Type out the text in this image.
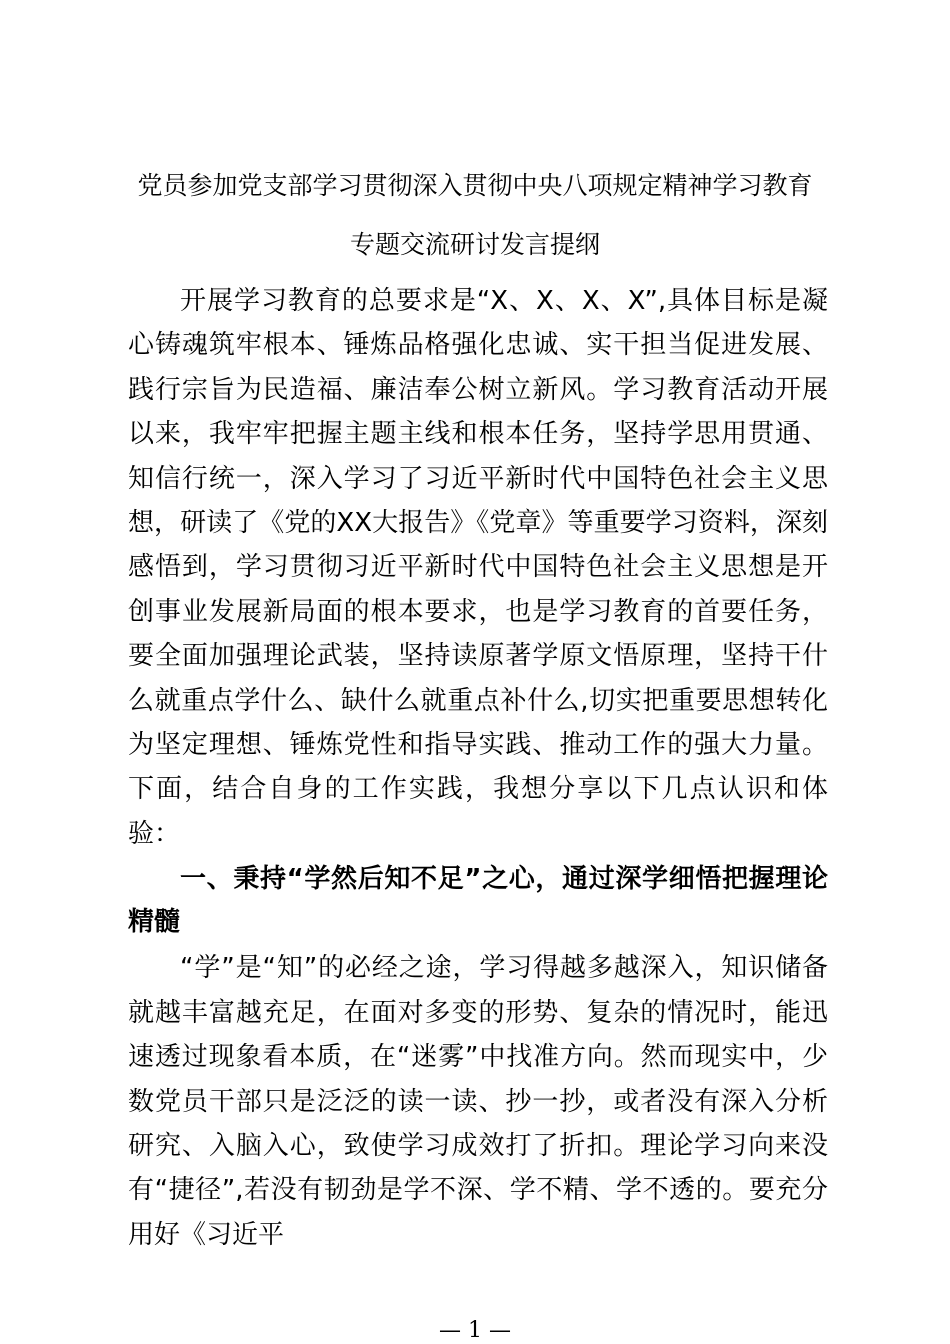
党员参加党支部学习贯彻深入贯彻中央八项规定精神学习教育
专题交流研讨发言提纲

开展学习教育的总要求是“X、X、X、X”,具体目标是凝心铸魂筑牢根本、锤炼品格强化忠诚、实干担当促进发展、践行宗旨为民造福、廉洁奉公树立新风。学习教育活动开展以来，我牢牢把握主题主线和根本任务，坚持学思用贯通、知信行统一，深入学习了习近平新时代中国特色社会主义思想，研读了《党的XX大报告》《党章》等重要学习资料，深刻感悟到，学习贯彻习近平新时代中国特色社会主义思想是开创事业发展新局面的根本要求，也是学习教育的首要任务，要全面加强理论武装，坚持读原著学原文悟原理，坚持干什么就重点学什么、缺什么就重点补什么,切实把重要思想转化为坚定理想、锤炼党性和指导实践、推动工作的强大力量。下面，结合自身的工作实践，我想分享以下几点认识和体验：

一、秉持“学然后知不足”之心，通过深学细悟把握理论精髓

“学”是“知”的必经之途，学习得越多越深入，知识储备就越丰富越充足，在面对多变的形势、复杂的情况时，能迅速透过现象看本质，在“迷雾”中找准方向。然而现实中，少数党员干部只是泛泛的读一读、抄一抄，或者没有深入分析研究、入脑入心，致使学习成效打了折扣。理论学习向来没有“捷径”,若没有韧劲是学不深、学不精、学不透的。要充分用好《习近平

— 1 —
